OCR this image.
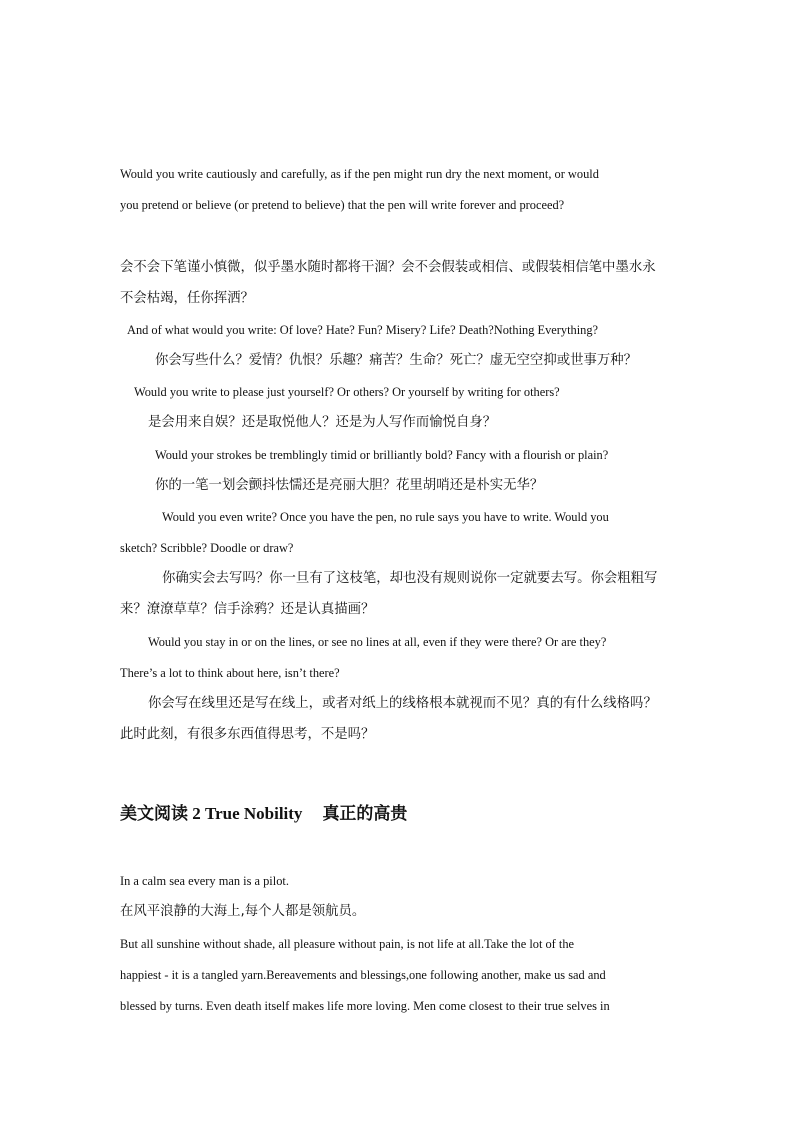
Would you write cautiously and carefully, as if the pen might run dry the next moment, or would
you pretend or believe (or pretend to believe) that the pen will write forever and proceed?
会不会下笔谨小慎微，似乎墨水随时都将干涸？会不会假装或相信、或假装相信笔中墨水永
不会枯竭，任你挥洒？
And of what would you write: Of love? Hate? Fun? Misery? Life? Death?Nothing Everything?
你会写些什么？爱情？仇恨？乐趣？痛苦？生命？死亡？虚无空空抑或世事万种？
Would you write to please just yourself? Or others? Or yourself by writing for others?
是会用来自娱？还是取悦他人？还是为人写作而愉悦自身？
Would your strokes be tremblingly timid or brilliantly bold? Fancy with a flourish or plain?
你的一笔一划会颤抖怯懦还是亮丽大胆？花里胡哨还是朴实无华？
Would you even write? Once you have the pen, no rule says you have to write. Would you
sketch? Scribble? Doodle or draw?
你确实会去写吗？你一旦有了这枝笔，却也没有规则说你一定就要去写。你会粗粗写
来？潦潦草草？信手涂鸦？还是认真描画？
Would you stay in or on the lines, or see no lines at all, even if they were there? Or are they?
There’s a lot to think about here, isn’t there?
你会写在线里还是写在线上，或者对纸上的线格根本就视而不见？真的有什么线格吗？
此时此刻，有很多东西值得思考，不是吗？
美文阅读 2 True Nobility 真正的高贵
In a calm sea every man is a pilot.
在风平浪静的大海上,每个人都是领航员。
But all sunshine without shade, all pleasure without pain, is not life at all.Take the lot of the
happiest - it is a tangled yarn.Bereavements and blessings,one following another, make us sad and
blessed by turns. Even death itself makes life more loving. Men come closest to their true selves in
